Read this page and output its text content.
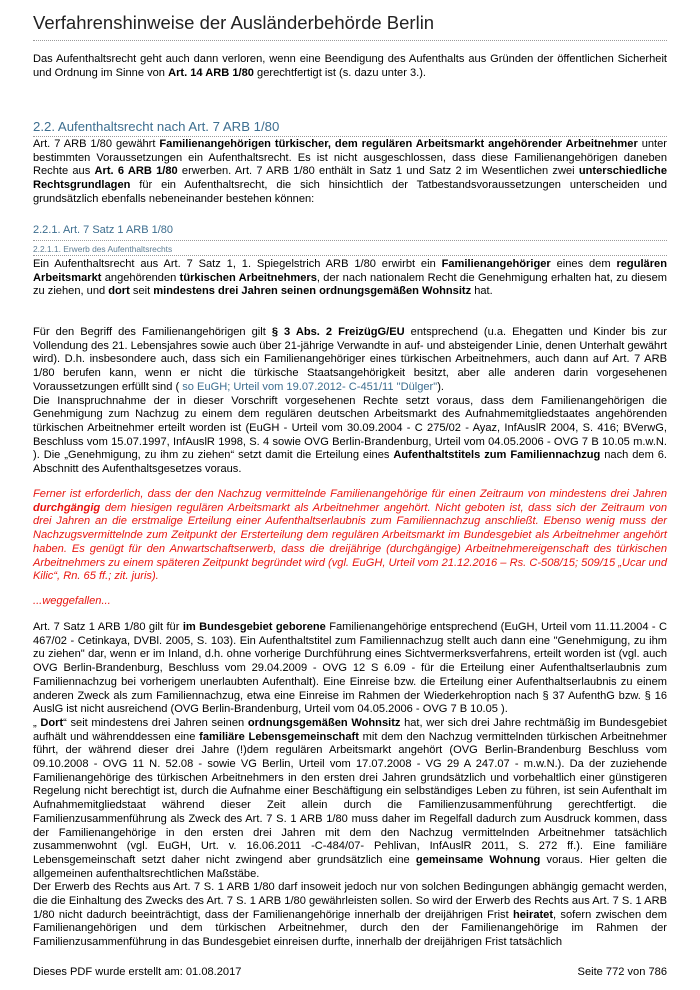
Verfahrenshinweise der Ausländerbehörde Berlin

Das Aufenthaltsrecht geht auch dann verloren, wenn eine Beendigung des Aufenthalts aus Gründen der öffentlichen Sicherheit und Ordnung im Sinne von Art. 14 ARB 1/80 gerechtfertigt ist (s. dazu unter 3.).

2.2. Aufenthaltsrecht nach Art. 7 ARB 1/80

Art. 7 ARB 1/80 gewährt Familienangehörigen türkischer, dem regulären Arbeitsmarkt angehörender Arbeitnehmer unter bestimmten Voraussetzungen ein Aufenthaltsrecht. Es ist nicht ausgeschlossen, dass diese Familienangehörigen daneben Rechte aus Art. 6 ARB 1/80 erwerben. Art. 7 ARB 1/80 enthält in Satz 1 und Satz 2 im Wesentlichen zwei unterschiedliche Rechtsgrundlagen für ein Aufenthaltsrecht, die sich hinsichtlich der Tatbestandsvoraussetzungen unterscheiden und grundsätzlich ebenfalls nebeneinander bestehen können:

2.2.1. Art. 7 Satz 1 ARB 1/80
2.2.1.1. Erwerb des Aufenthaltsrechts

Ein Aufenthaltsrecht aus Art. 7 Satz 1, 1. Spiegelstrich ARB 1/80 erwirbt ein Familienangehöriger eines dem regulären Arbeitsmarkt angehörenden türkischen Arbeitnehmers, der nach nationalem Recht die Genehmigung erhalten hat, zu diesem zu ziehen, und dort seit mindestens drei Jahren seinen ordnungsgemäßen Wohnsitz hat.

Für den Begriff des Familienangehörigen gilt § 3 Abs. 2 FreizügG/EU entsprechend (u.a. Ehegatten und Kinder bis zur Vollendung des 21. Lebensjahres sowie auch über 21-jährige Verwandte in auf- und absteigender Linie, denen Unterhalt gewährt wird). D.h. insbesondere auch, dass sich ein Familienangehöriger eines türkischen Arbeitnehmers, auch dann auf Art. 7 ARB 1/80 berufen kann, wenn er nicht die türkische Staatsangehörigkeit besitzt, aber alle anderen darin vorgesehenen Voraussetzungen erfüllt sind ( so EuGH; Urteil vom 19.07.2012- C-451/11 "Dülger").

Die Inanspruchnahme der in dieser Vorschrift vorgesehenen Rechte setzt voraus, dass dem Familienangehörigen die Genehmigung zum Nachzug zu einem dem regulären deutschen Arbeitsmarkt des Aufnahmemitgliedstaates angehörenden türkischen Arbeitnehmer erteilt worden ist (EuGH - Urteil vom 30.09.2004 - C 275/02 - Ayaz, InfAuslR 2004, S. 416; BVerwG, Beschluss vom 15.07.1997, InfAuslR 1998, S. 4 sowie OVG Berlin-Brandenburg, Urteil vom 04.05.2006 - OVG 7 B 10.05 m.w.N. ). Die „Genehmigung, zu ihm zu ziehen“ setzt damit die Erteilung eines Aufenthaltstitels zum Familiennachzug nach dem 6. Abschnitt des Aufenthaltsgesetzes voraus.

Ferner ist erforderlich, dass der den Nachzug vermittelnde Familienangehörige für einen Zeitraum von mindestens drei Jahren durchgängig dem hiesigen regulären Arbeitsmarkt als Arbeitnehmer angehört. Nicht geboten ist, dass sich der Zeitraum von drei Jahren an die erstmalige Erteilung einer Aufenthaltserlaubnis zum Familiennachzug anschließt. Ebenso wenig muss der Nachzugsvermittelnde zum Zeitpunkt der Ersterteilung dem regulären Arbeitsmarkt im Bundesgebiet als Arbeitnehmer angehört haben. Es genügt für den Anwartschaftserwerb, dass die dreijährige (durchgängige) Arbeitnehmereigenschaft des türkischen Arbeitnehmers zu einem späteren Zeitpunkt begründet wird (vgl. EuGH, Urteil vom 21.12.2016 – Rs. C-508/15; 509/15 „Ucar und Kilic“, Rn. 65 ff.; zit. juris).

...weggefallen...

Art. 7 Satz 1 ARB 1/80 gilt für im Bundesgebiet geborene Familienangehörige entsprechend (EuGH, Urteil vom 11.11.2004 - C 467/02 - Cetinkaya, DVBl. 2005, S. 103). Ein Aufenthaltstitel zum Familiennachzug stellt auch dann eine "Genehmigung, zu ihm zu ziehen" dar, wenn er im Inland, d.h. ohne vorherige Durchführung eines Sichtvermerksverfahrens, erteilt worden ist (vgl. auch OVG Berlin-Brandenburg, Beschluss vom 29.04.2009 - OVG 12 S 6.09 - für die Erteilung einer Aufenthaltserlaubnis zum Familiennachzug bei vorherigem unerlaubten Aufenthalt). Eine Einreise bzw. die Erteilung einer Aufenthaltserlaubnis zu einem anderen Zweck als zum Familiennachzug, etwa eine Einreise im Rahmen der Wiederkehroption nach § 37 AufenthG bzw. § 16 AuslG ist nicht ausreichend (OVG Berlin-Brandenburg, Urteil vom 04.05.2006 - OVG 7 B 10.05 ).

„ Dort“ seit mindestens drei Jahren seinen ordnungsgemäßen Wohnsitz hat, wer sich drei Jahre rechtmäßig im Bundesgebiet aufhält und währenddessen eine familiäre Lebensgemeinschaft mit dem den Nachzug vermittelnden türkischen Arbeitnehmer führt, der während dieser drei Jahre (!)dem regulären Arbeitsmarkt angehört (OVG Berlin-Brandenburg Beschluss vom 09.10.2008 - OVG 11 N. 52.08 - sowie VG Berlin, Urteil vom 17.07.2008 - VG 29 A 247.07 - m.w.N.). Da der zuziehende Familienangehörige des türkischen Arbeitnehmers in den ersten drei Jahren grundsätzlich und vorbehaltlich einer günstigeren Regelung nicht berechtigt ist, durch die Aufnahme einer Beschäftigung ein selbständiges Leben zu führen, ist sein Aufenthalt im Aufnahmemitgliedstaat während dieser Zeit allein durch die Familienzusammenführung gerechtfertigt. die Familienzusammenführung als Zweck des Art. 7 S. 1 ARB 1/80 muss daher im Regelfall dadurch zum Ausdruck kommen, dass der Familienangehörige in den ersten drei Jahren mit dem den Nachzug vermittelnden Arbeitnehmer tatsächlich zusammenwohnt (vgl. EuGH, Urt. v. 16.06.2011 -C-484/07- Pehlivan, InfAuslR 2011, S. 272 ff.). Eine familiäre Lebensgemeinschaft setzt daher nicht zwingend aber grundsätzlich eine gemeinsame Wohnung voraus. Hier gelten die allgemeinen aufenthaltsrechtlichen Maßstäbe.

Der Erwerb des Rechts aus Art. 7 S. 1 ARB 1/80 darf insoweit jedoch nur von solchen Bedingungen abhängig gemacht werden, die die Einhaltung des Zwecks des Art. 7 S. 1 ARB 1/80 gewährleisten sollen. So wird der Erwerb des Rechts aus Art. 7 S. 1 ARB 1/80 nicht dadurch beeinträchtigt, dass der Familienangehörige innerhalb der dreijährigen Frist heiratet, sofern zwischen dem Familienangehörigen und dem türkischen Arbeitnehmer, durch den der Familienangehörige im Rahmen der Familienzusammenführung in das Bundesgebiet einreisen durfte, innerhalb der dreijährigen Frist tatsächlich

Dieses PDF wurde erstellt am: 01.08.2017	Seite 772 von 786
